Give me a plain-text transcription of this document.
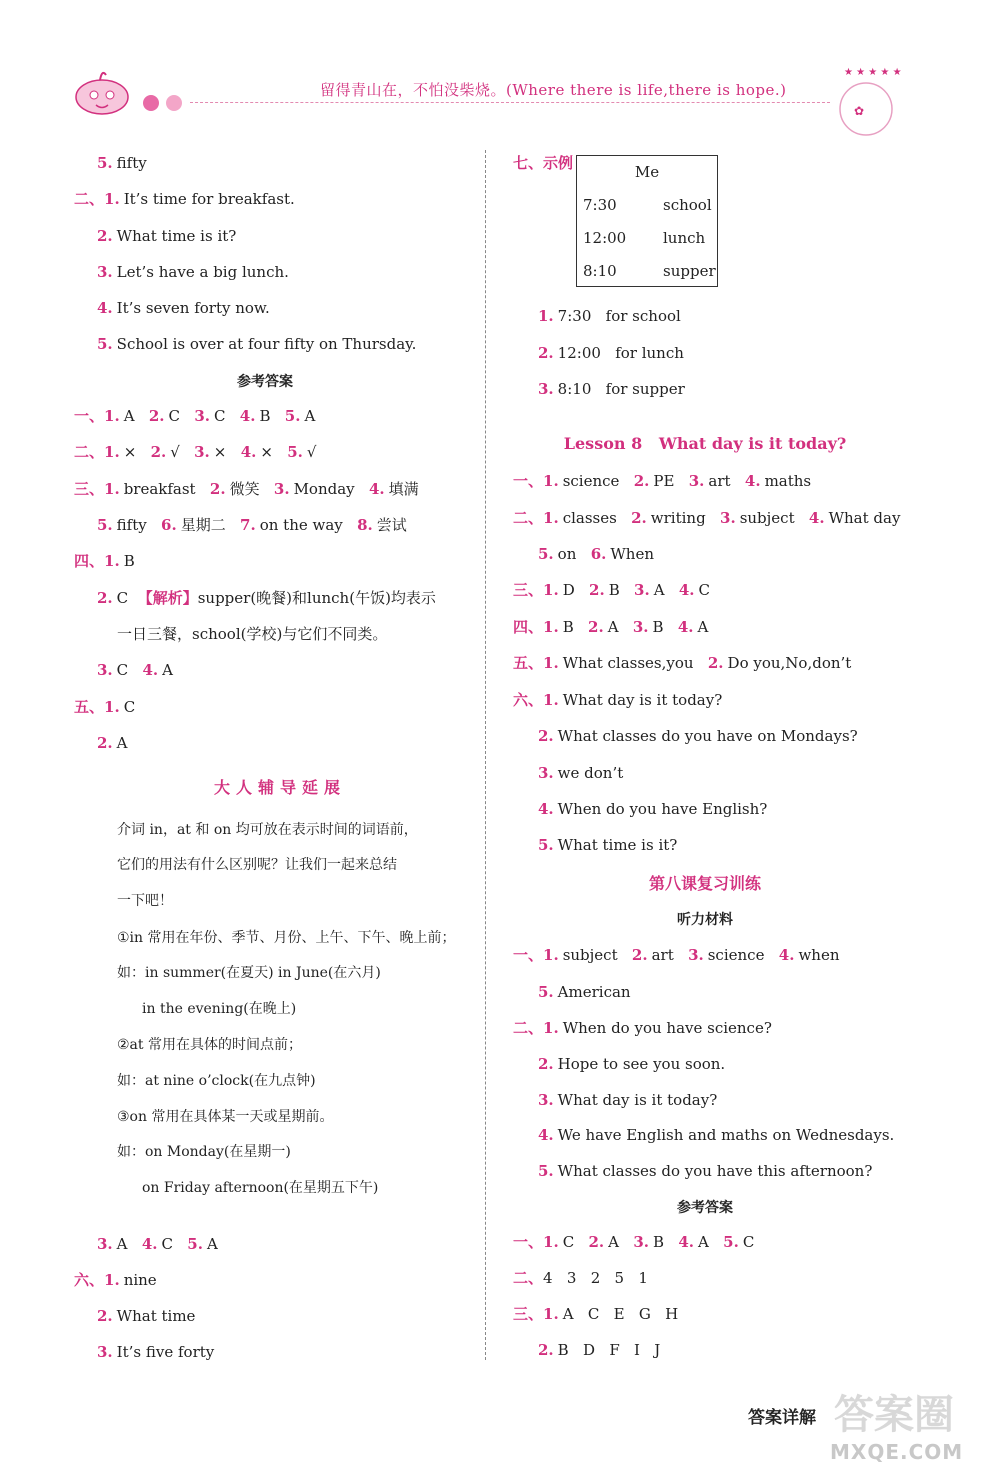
留得青山在，不怕没柴烧。(Where there is life,there is hope.)
★ ★ ★ ★ ★
✿
5. fifty
二、1. It’s time for breakfast.
2. What time is it?
3. Let’s have a big lunch.
4. It’s seven forty now.
5. School is over at four fifty on Thursday.
参考答案
一、1. A 2. C 3. C 4. B 5. A
二、1. × 2. √ 3. × 4. × 5. √
三、1. breakfast 2. 微笑 3. Monday 4. 填满
5. fifty 6. 星期二 7. on the way 8. 尝试
四、1. B
2. C 【解析】supper(晚餐)和lunch(午饭)均表示
一日三餐，school(学校)与它们不同类。
3. C 4. A
五、1. C
2. A
大人辅导延展
介词 in，at 和 on 均可放在表示时间的词语前，
它们的用法有什么区别呢？让我们一起来总结
一下吧！
①in 常用在年份、季节、月份、上午、下午、晚上前；
如：in summer(在夏天) in June(在六月)
in the evening(在晚上)
②at 常用在具体的时间点前；
如：at nine o’clock(在九点钟)
③on 常用在具体某一天或星期前。
如：on Monday(在星期一)
on Friday afternoon(在星期五下午)
3. A 4. C 5. A
六、1. nine
2. What time
3. It’s five forty
七、示例	Me
7:30	school
12:00 lunch
8:10	supper
1. 7:30   for school
2. 12:00   for lunch
3. 8:10   for supper
Lesson 8   What day is it today?
一、1. science 2. PE 3. art 4. maths
二、1. classes 2. writing 3. subject 4. What day
5. on 6. When
三、1. D 2. B 3. A 4. C
四、1. B 2. A 3. B 4. A
五、1. What classes,you 2. Do you,No,don’t
六、1. What day is it today?
2. What classes do you have on Mondays?
3. we don’t
4. When do you have English?
5. What time is it?
第八课复习训练
听力材料
一、1. subject 2. art 3. science 4. when
5. American
二、1. When do you have science?
2. Hope to see you soon.
3. What day is it today?
4. We have English and maths on Wednesdays.
5. What classes do you have this afternoon?
参考答案
一、1. C 2. A 3. B 4. A 5. C
二、4   3   2   5   1
三、1. A   C   E   G   H
2. B   D   F   I   J
答案详解 答案圈
MXQE.COM
